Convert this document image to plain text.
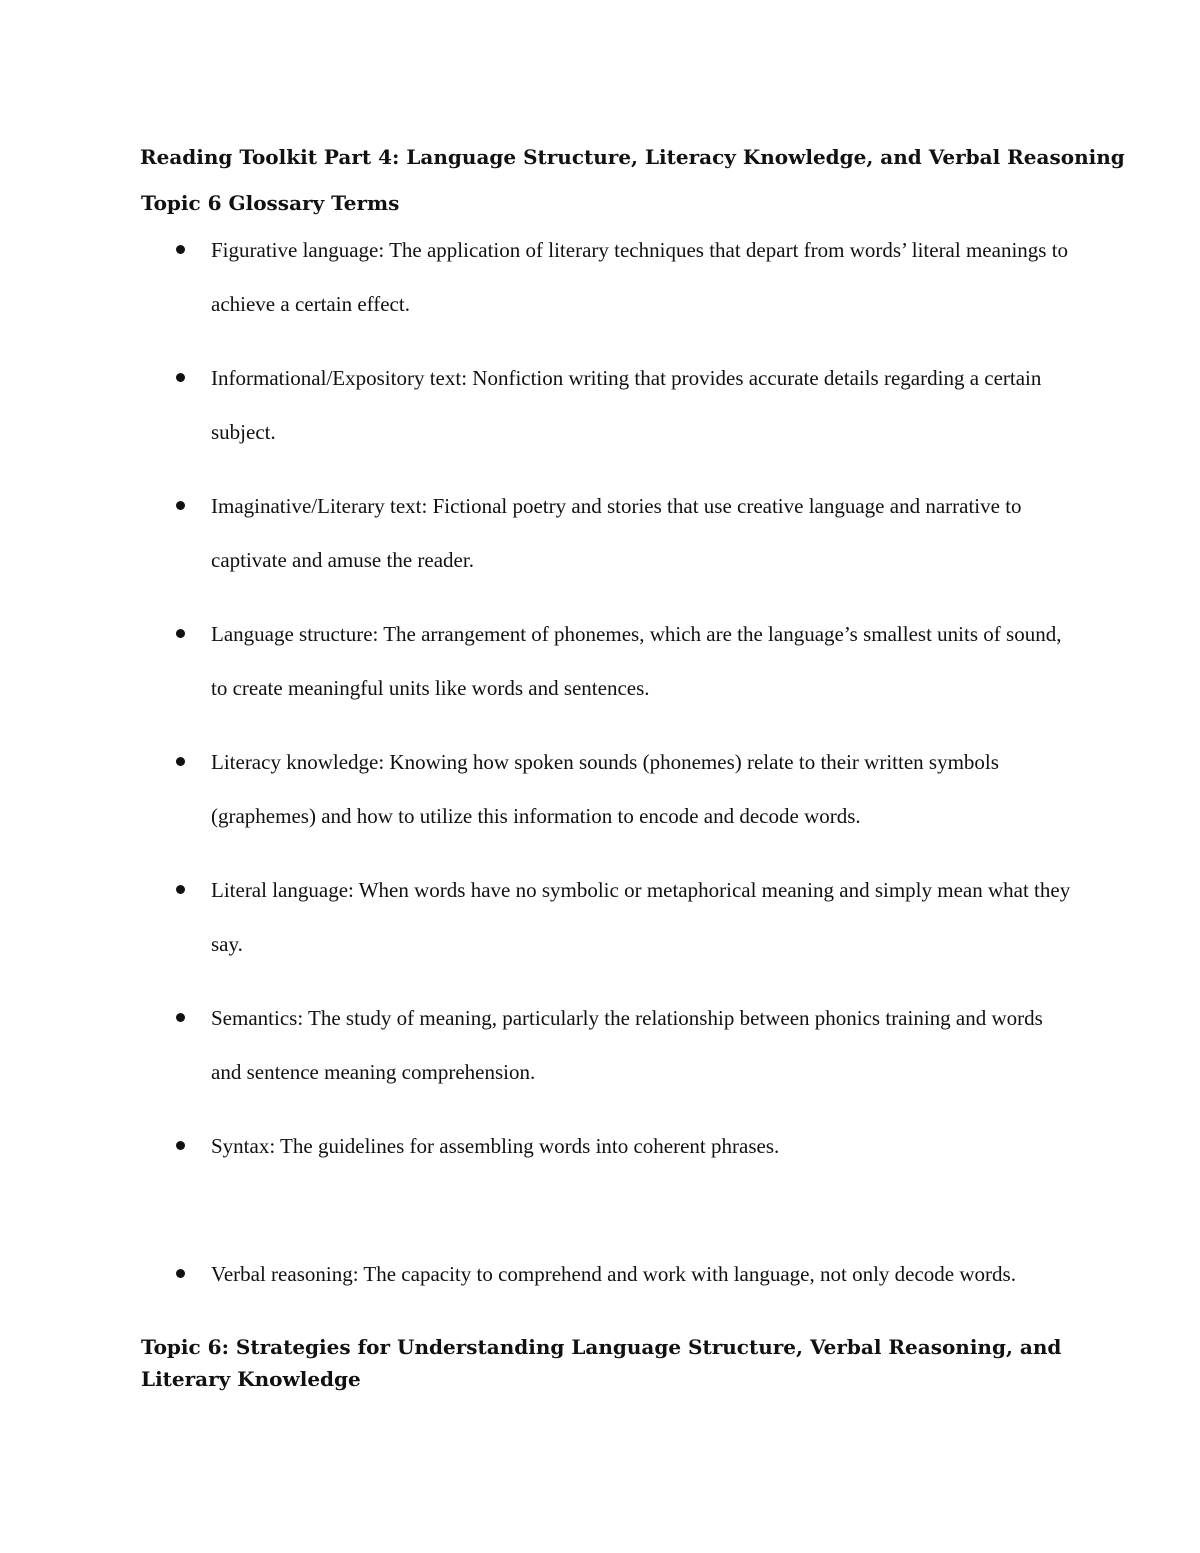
Reading Toolkit Part 4: Language Structure, Literacy Knowledge, and Verbal Reasoning
Topic 6 Glossary Terms
Figurative language: The application of literary techniques that depart from words’ literal meanings to achieve a certain effect.
Informational/Expository text: Nonfiction writing that provides accurate details regarding a certain subject.
Imaginative/Literary text: Fictional poetry and stories that use creative language and narrative to captivate and amuse the reader.
Language structure: The arrangement of phonemes, which are the language’s smallest units of sound, to create meaningful units like words and sentences.
Literacy knowledge: Knowing how spoken sounds (phonemes) relate to their written symbols (graphemes) and how to utilize this information to encode and decode words.
Literal language: When words have no symbolic or metaphorical meaning and simply mean what they say.
Semantics: The study of meaning, particularly the relationship between phonics training and words and sentence meaning comprehension.
Syntax: The guidelines for assembling words into coherent phrases.
Verbal reasoning: The capacity to comprehend and work with language, not only decode words.
Topic 6: Strategies for Understanding Language Structure, Verbal Reasoning, and Literary Knowledge
